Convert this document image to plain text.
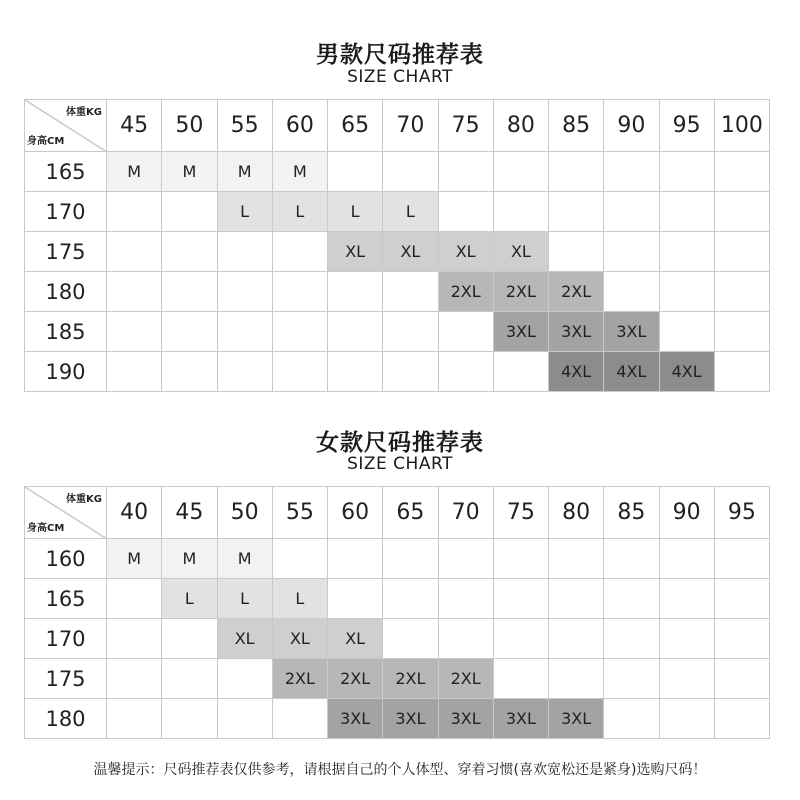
男款尺码推荐表
SIZE CHART
体重KG
身高CM	45	50	55	60	65	70	75	80	85	90	95	100
165	M	M	M	M								
170			L	L	L	L						
175					XL	XL	XL	XL				
180							2XL	2XL	2XL			
185								3XL	3XL	3XL		
190									4XL	4XL	4XL	
女款尺码推荐表
SIZE CHART
体重KG
身高CM	40	45	50	55	60	65	70	75	80	85	90	95
160	M	M	M									
165		L	L	L								
170			XL	XL	XL							
175				2XL	2XL	2XL	2XL					
180					3XL	3XL	3XL	3XL	3XL			
温馨提示：尺码推荐表仅供参考，请根据自己的个人体型、穿着习惯(喜欢宽松还是紧身)选购尺码！
